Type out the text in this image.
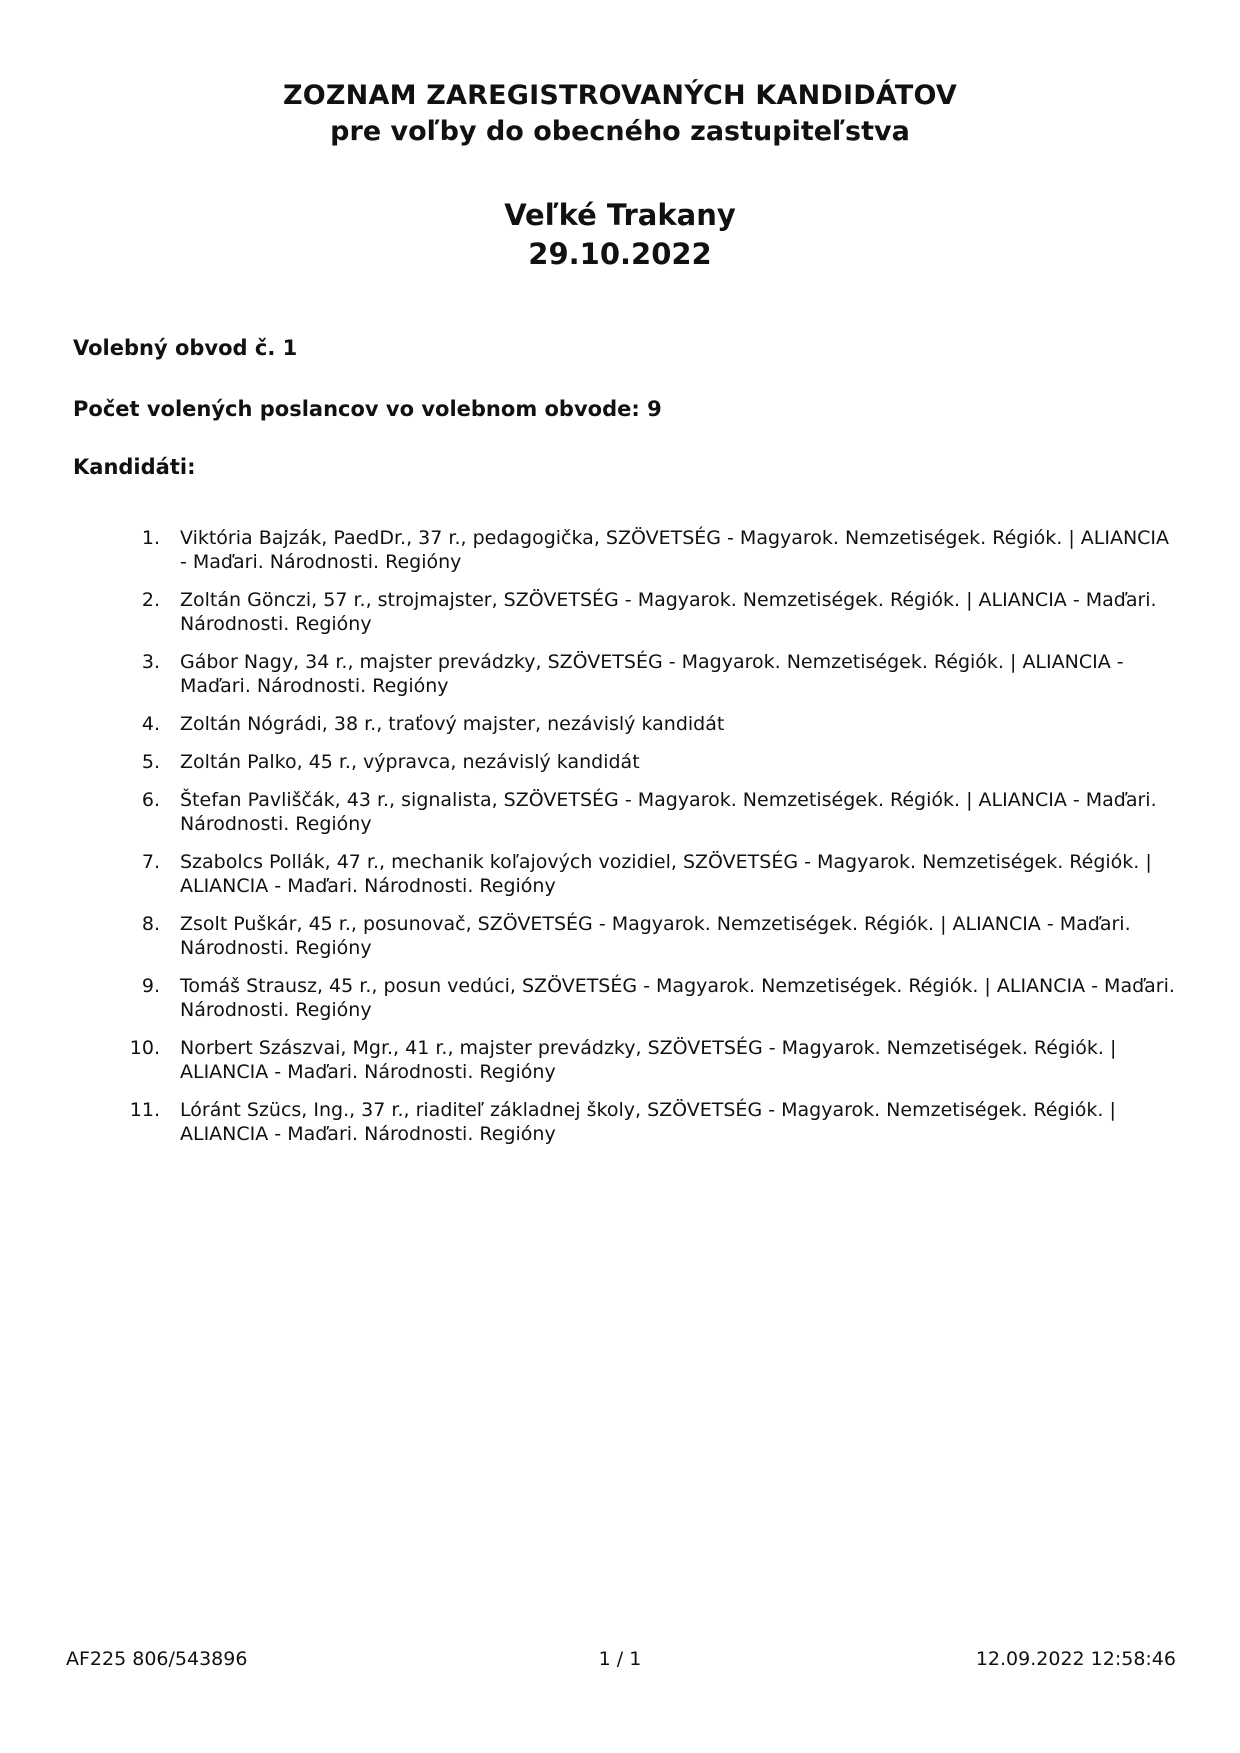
ZOZNAM ZAREGISTROVANÝCH KANDIDÁTOV
pre voľby do obecného zastupiteľstva
Veľké Trakany
29.10.2022
Volebný obvod č. 1
Počet volených poslancov vo volebnom obvode: 9
Kandidáti:
1. Viktória Bajzák, PaedDr., 37 r., pedagogička, SZÖVETSÉG - Magyarok. Nemzetiségek. Régiók. | ALIANCIA - Maďari. Národnosti. Regióny
2. Zoltán Gönczi, 57 r., strojmajster, SZÖVETSÉG - Magyarok. Nemzetiségek. Régiók. | ALIANCIA - Maďari. Národnosti. Regióny
3. Gábor Nagy, 34 r., majster prevádzky, SZÖVETSÉG - Magyarok. Nemzetiségek. Régiók. | ALIANCIA - Maďari. Národnosti. Regióny
4. Zoltán Nógrádi, 38 r., traťový majster, nezávislý kandidát
5. Zoltán Palko, 45 r., výpravca, nezávislý kandidát
6. Štefan Pavliščák, 43 r., signalista, SZÖVETSÉG - Magyarok. Nemzetiségek. Régiók. | ALIANCIA - Maďari. Národnosti. Regióny
7. Szabolcs Pollák, 47 r., mechanik koľajových vozidiel, SZÖVETSÉG - Magyarok. Nemzetiségek. Régiók. | ALIANCIA - Maďari. Národnosti. Regióny
8. Zsolt Puškár, 45 r., posunovač, SZÖVETSÉG - Magyarok. Nemzetiségek. Régiók. | ALIANCIA - Maďari. Národnosti. Regióny
9. Tomáš Strausz, 45 r., posun vedúci, SZÖVETSÉG - Magyarok. Nemzetiségek. Régiók. | ALIANCIA - Maďari. Národnosti. Regióny
10. Norbert Szászvai, Mgr., 41 r., majster prevádzky, SZÖVETSÉG - Magyarok. Nemzetiségek. Régiók. | ALIANCIA - Maďari. Národnosti. Regióny
11. Lóránt Szücs, Ing., 37 r., riaditeľ základnej školy, SZÖVETSÉG - Magyarok. Nemzetiségek. Régiók. | ALIANCIA - Maďari. Národnosti. Regióny
AF225 806/543896	1 / 1	12.09.2022 12:58:46
